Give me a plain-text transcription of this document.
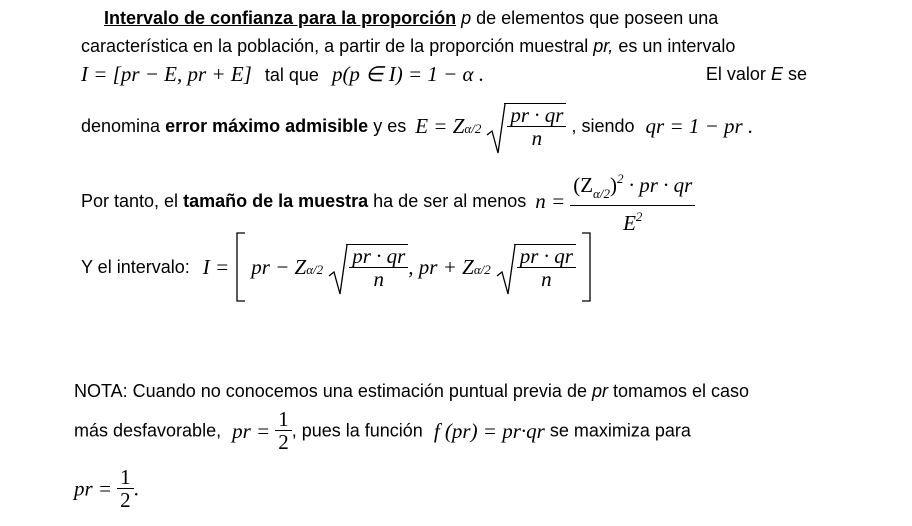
Intervalo de confianza para la proporción p de elementos que poseen una
característica en la población, a partir de la proporción muestral pr, es un intervalo
I = [pr − E, pr + E] tal que p(p ∈ I) = 1 − α .	El valor E se
denomina error máximo admisible y es $E = Z\alpha/2 \frac{pr \cdot qr}{n}$ , siendo qr = 1 − pr .
Por tanto, el tamaño de la muestra ha de ser al menos $n = \frac{(Z_{\alpha/2})^2 \cdot pr \cdot qr}{E^2}$
Y el intervalo: I = pr − $Z\alpha/2 \frac{pr \cdot qr}{n}$ , pr + $Z\alpha/2 \frac{pr \cdot qr}{n}$

NOTA: Cuando no conocemos una estimación puntual previa de pr tomamos el caso
más desfavorable, pr = $\frac{1}{2}$ , pues la función f (pr) = pr·qr se maximiza para
pr = $\frac{1}{2}$ .
